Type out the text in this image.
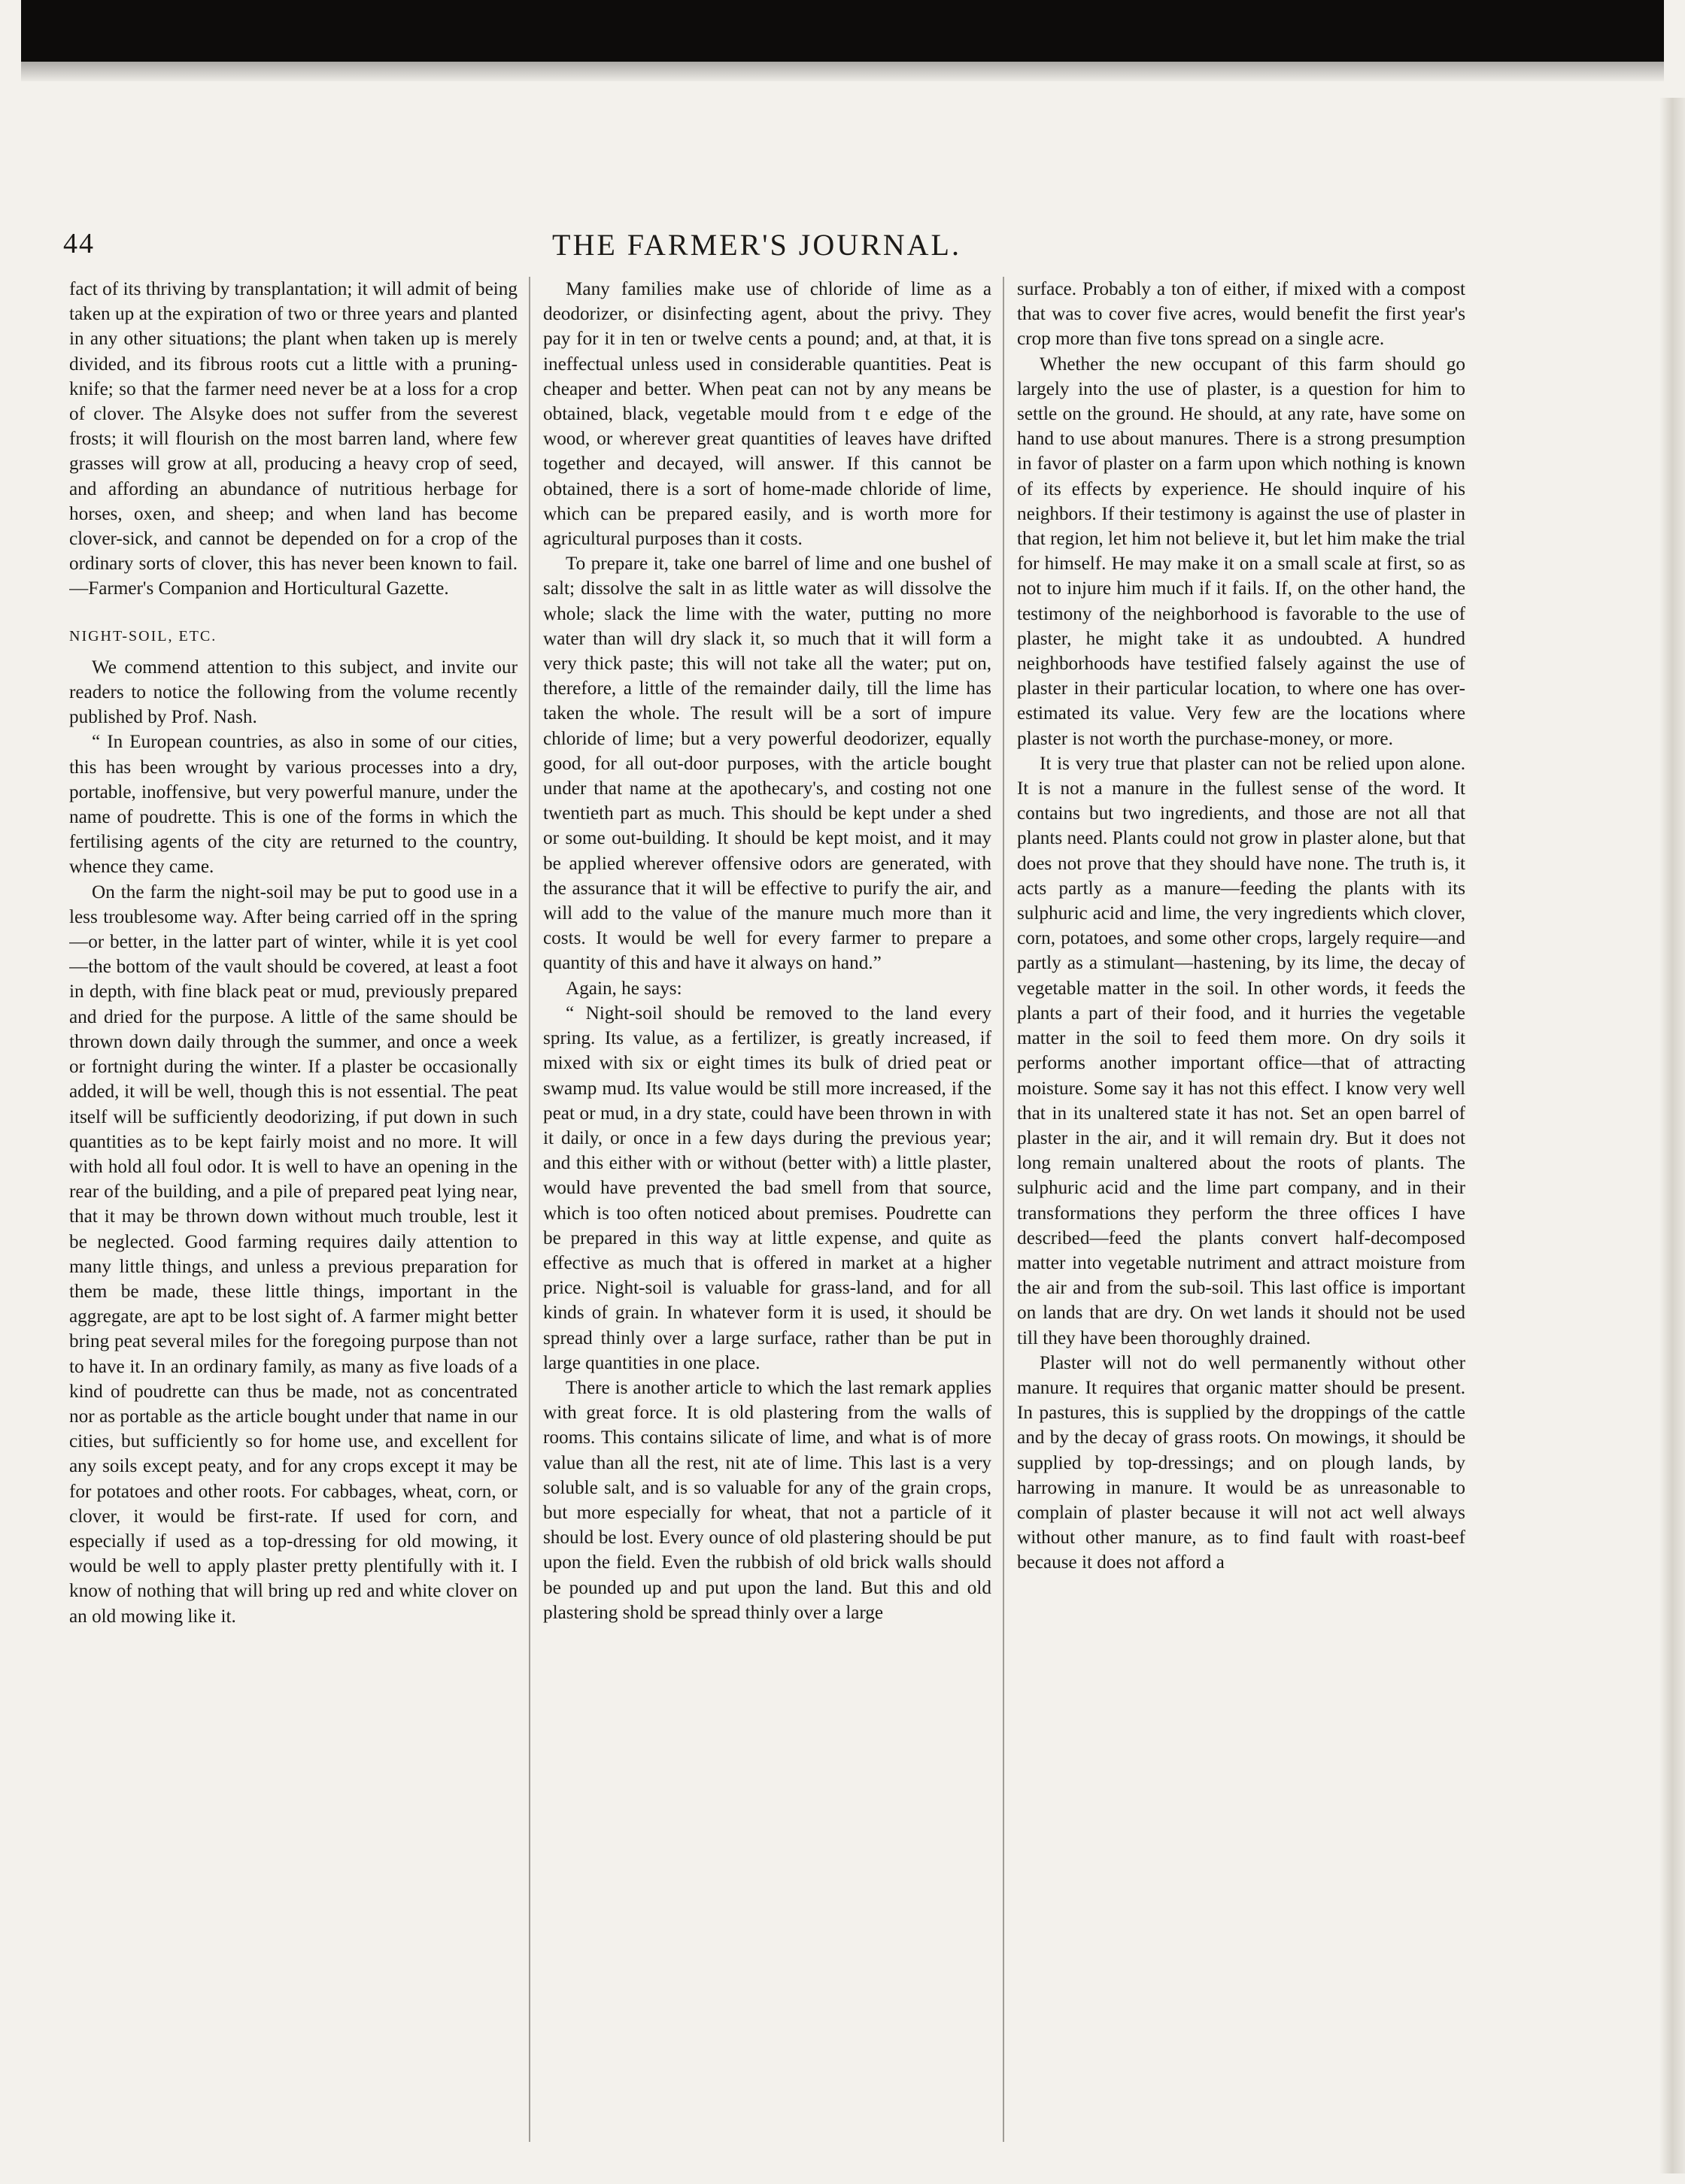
44	THE FARMER'S JOURNAL.

fact of its thriving by transplantation; it will admit of being taken up at the expiration of two or three years and planted in any other situations; the plant when taken up is merely divided, and its fibrous roots cut a little with a pruning-knife; so that the farmer need never be at a loss for a crop of clover. The Alsyke does not suffer from the severest frosts; it will flourish on the most barren land, where few grasses will grow at all, producing a heavy crop of seed, and affording an abundance of nutritious herbage for horses, oxen, and sheep; and when land has become clover-sick, and cannot be depended on for a crop of the ordinary sorts of clover, this has never been known to fail.—Farmer's Companion and Horticultural Gazette.

NIGHT-SOIL, ETC.

We commend attention to this subject, and invite our readers to notice the following from the volume recently published by Prof. Nash.

“ In European countries, as also in some of our cities, this has been wrought by various processes into a dry, portable, inoffensive, but very powerful manure, under the name of poudrette. This is one of the forms in which the fertilising agents of the city are returned to the country, whence they came.

On the farm the night-soil may be put to good use in a less troublesome way. After being carried off in the spring—or better, in the latter part of winter, while it is yet cool—the bottom of the vault should be covered, at least a foot in depth, with fine black peat or mud, previously prepared and dried for the purpose. A little of the same should be thrown down daily through the summer, and once a week or fortnight during the winter. If a plaster be occasionally added, it will be well, though this is not essential. The peat itself will be sufficiently deodorizing, if put down in such quantities as to be kept fairly moist and no more. It will with hold all foul odor. It is well to have an opening in the rear of the building, and a pile of prepared peat lying near, that it may be thrown down without much trouble, lest it be neglected. Good farming requires daily attention to many little things, and unless a previous preparation for them be made, these little things, important in the aggregate, are apt to be lost sight of. A farmer might better bring peat several miles for the foregoing purpose than not to have it. In an ordinary family, as many as five loads of a kind of poudrette can thus be made, not as concentrated nor as portable as the article bought under that name in our cities, but sufficiently so for home use, and excellent for any soils except peaty, and for any crops except it may be for potatoes and other roots. For cabbages, wheat, corn, or clover, it would be first-rate. If used for corn, and especially if used as a top-dressing for old mowing, it would be well to apply plaster pretty plentifully with it. I know of nothing that will bring up red and white clover on an old mowing like it.

Many families make use of chloride of lime as a deodorizer, or disinfecting agent, about the privy. They pay for it in ten or twelve cents a pound; and, at that, it is ineffectual unless used in considerable quantities. Peat is cheaper and better. When peat can not by any means be obtained, black, vegetable mould from t e edge of the wood, or wherever great quantities of leaves have drifted together and decayed, will answer. If this cannot be obtained, there is a sort of home-made chloride of lime, which can be prepared easily, and is worth more for agricultural purposes than it costs.

To prepare it, take one barrel of lime and one bushel of salt; dissolve the salt in as little water as will dissolve the whole; slack the lime with the water, putting no more water than will dry slack it, so much that it will form a very thick paste; this will not take all the water; put on, therefore, a little of the remainder daily, till the lime has taken the whole. The result will be a sort of impure chloride of lime; but a very powerful deodorizer, equally good, for all out-door purposes, with the article bought under that name at the apothecary's, and costing not one twentieth part as much. This should be kept under a shed or some out-building. It should be kept moist, and it may be applied wherever offensive odors are generated, with the assurance that it will be effective to purify the air, and will add to the value of the manure much more than it costs. It would be well for every farmer to prepare a quantity of this and have it always on hand.”

Again, he says:

“ Night-soil should be removed to the land every spring. Its value, as a fertilizer, is greatly increased, if mixed with six or eight times its bulk of dried peat or swamp mud. Its value would be still more increased, if the peat or mud, in a dry state, could have been thrown in with it daily, or once in a few days during the previous year; and this either with or without (better with) a little plaster, would have prevented the bad smell from that source, which is too often noticed about premises. Poudrette can be prepared in this way at little expense, and quite as effective as much that is offered in market at a higher price. Night-soil is valuable for grass-land, and for all kinds of grain. In whatever form it is used, it should be spread thinly over a large surface, rather than be put in large quantities in one place.

There is another article to which the last remark applies with great force. It is old plastering from the walls of rooms. This contains silicate of lime, and what is of more value than all the rest, nit ate of lime. This last is a very soluble salt, and is so valuable for any of the grain crops, but more especially for wheat, that not a particle of it should be lost. Every ounce of old plastering should be put upon the field. Even the rubbish of old brick walls should be pounded up and put upon the land. But this and old plastering shold be spread thinly over a large

surface. Probably a ton of either, if mixed with a compost that was to cover five acres, would benefit the first year's crop more than five tons spread on a single acre.

Whether the new occupant of this farm should go largely into the use of plaster, is a question for him to settle on the ground. He should, at any rate, have some on hand to use about manures. There is a strong presumption in favor of plaster on a farm upon which nothing is known of its effects by experience. He should inquire of his neighbors. If their testimony is against the use of plaster in that region, let him not believe it, but let him make the trial for himself. He may make it on a small scale at first, so as not to injure him much if it fails. If, on the other hand, the testimony of the neighborhood is favorable to the use of plaster, he might take it as undoubted. A hundred neighborhoods have testified falsely against the use of plaster in their particular location, to where one has over-estimated its value. Very few are the locations where plaster is not worth the purchase-money, or more.

It is very true that plaster can not be relied upon alone. It is not a manure in the fullest sense of the word. It contains but two ingredients, and those are not all that plants need. Plants could not grow in plaster alone, but that does not prove that they should have none. The truth is, it acts partly as a manure—feeding the plants with its sulphuric acid and lime, the very ingredients which clover, corn, potatoes, and some other crops, largely require—and partly as a stimulant—hastening, by its lime, the decay of vegetable matter in the soil. In other words, it feeds the plants a part of their food, and it hurries the vegetable matter in the soil to feed them more. On dry soils it performs another important office—that of attracting moisture. Some say it has not this effect. I know very well that in its unaltered state it has not. Set an open barrel of plaster in the air, and it will remain dry. But it does not long remain unaltered about the roots of plants. The sulphuric acid and the lime part company, and in their transformations they perform the three offices I have described—feed the plants convert half-decomposed matter into vegetable nutriment and attract moisture from the air and from the sub-soil. This last office is important on lands that are dry. On wet lands it should not be used till they have been thoroughly drained.

Plaster will not do well permanently without other manure. It requires that organic matter should be present. In pastures, this is supplied by the droppings of the cattle and by the decay of grass roots. On mowings, it should be supplied by top-dressings; and on plough lands, by harrowing in manure. It would be as unreasonable to complain of plaster because it will not act well always without other manure, as to find fault with roast-beef because it does not afford a
